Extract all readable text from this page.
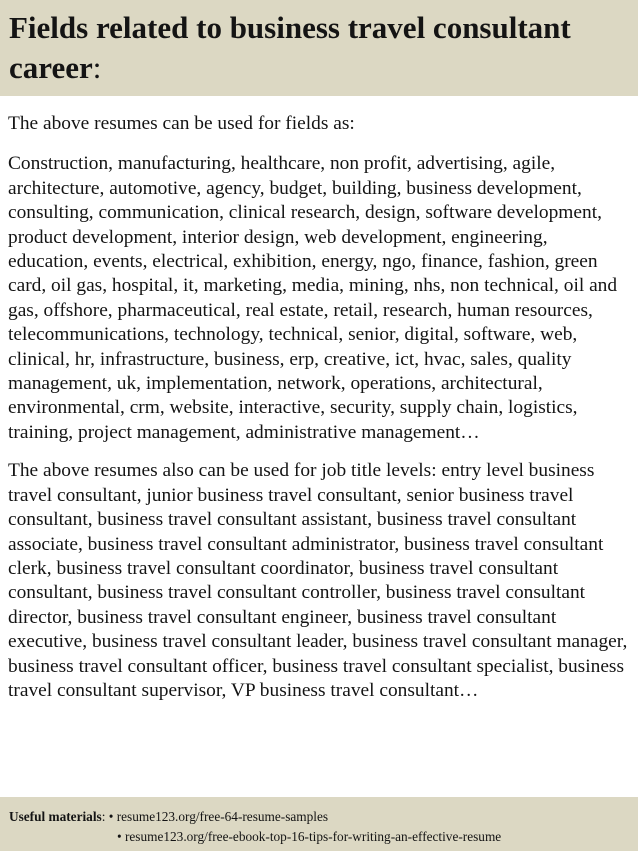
Fields related to business travel consultant career:

The above resumes can be used for fields as:

Construction, manufacturing, healthcare, non profit, advertising, agile, architecture, automotive, agency, budget, building, business development, consulting, communication, clinical research, design, software development, product development, interior design, web development, engineering, education, events, electrical, exhibition, energy, ngo, finance, fashion, green card, oil gas, hospital, it, marketing, media, mining, nhs, non technical, oil and gas, offshore, pharmaceutical, real estate, retail, research, human resources, telecommunications, technology, technical, senior, digital, software, web, clinical, hr, infrastructure, business, erp, creative, ict, hvac, sales, quality management, uk, implementation, network, operations, architectural, environmental, crm, website, interactive, security, supply chain, logistics, training, project management, administrative management…

The above resumes also can be used for job title levels: entry level business travel consultant, junior business travel consultant, senior business travel consultant, business travel consultant assistant, business travel consultant associate, business travel consultant administrator, business travel consultant clerk, business travel consultant coordinator, business travel consultant consultant, business travel consultant controller, business travel consultant director, business travel consultant engineer, business travel consultant executive, business travel consultant leader, business travel consultant manager, business travel consultant officer, business travel consultant specialist, business travel consultant supervisor, VP business travel consultant…

Useful materials: • resume123.org/free-64-resume-samples
• resume123.org/free-ebook-top-16-tips-for-writing-an-effective-resume
